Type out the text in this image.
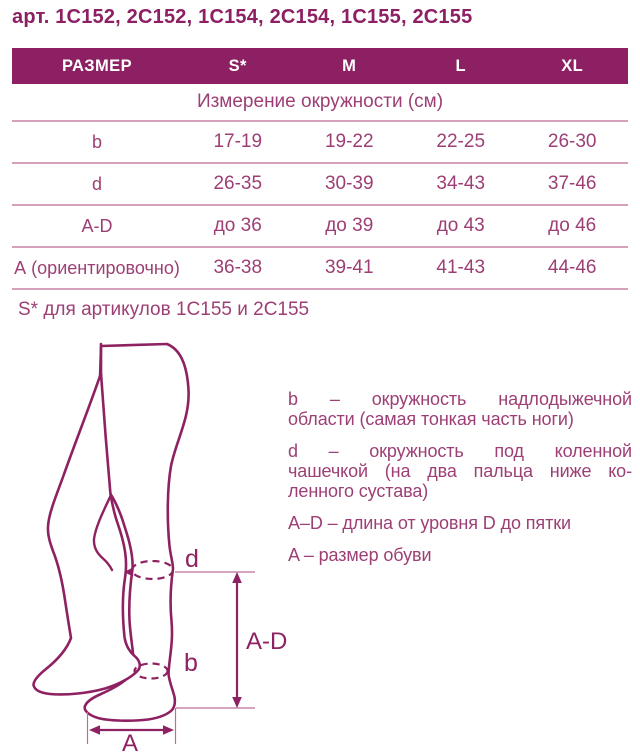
арт. 1С152, 2С152, 1С154, 2С154, 1С155, 2С155
РАЗМЕР	S*	M	L	XL
Измерение окружности (см)
b	17-19	19-22	22-25	26-30
d	26-35	30-39	34-43	37-46
A-D	до 36	до 39	до 43	до 46
А (ориентировочно)	36-38	39-41	41-43	44-46
S* для артикулов 1С155 и 2С155
d
b
A-D
A
b – окружность надлодыжечной
области (самая тонкая часть ноги)
d – окружность под коленной
чашечкой (на два пальца ниже ко-
ленного сустава)
A–D – длина от уровня D до пятки
A – размер обуви
